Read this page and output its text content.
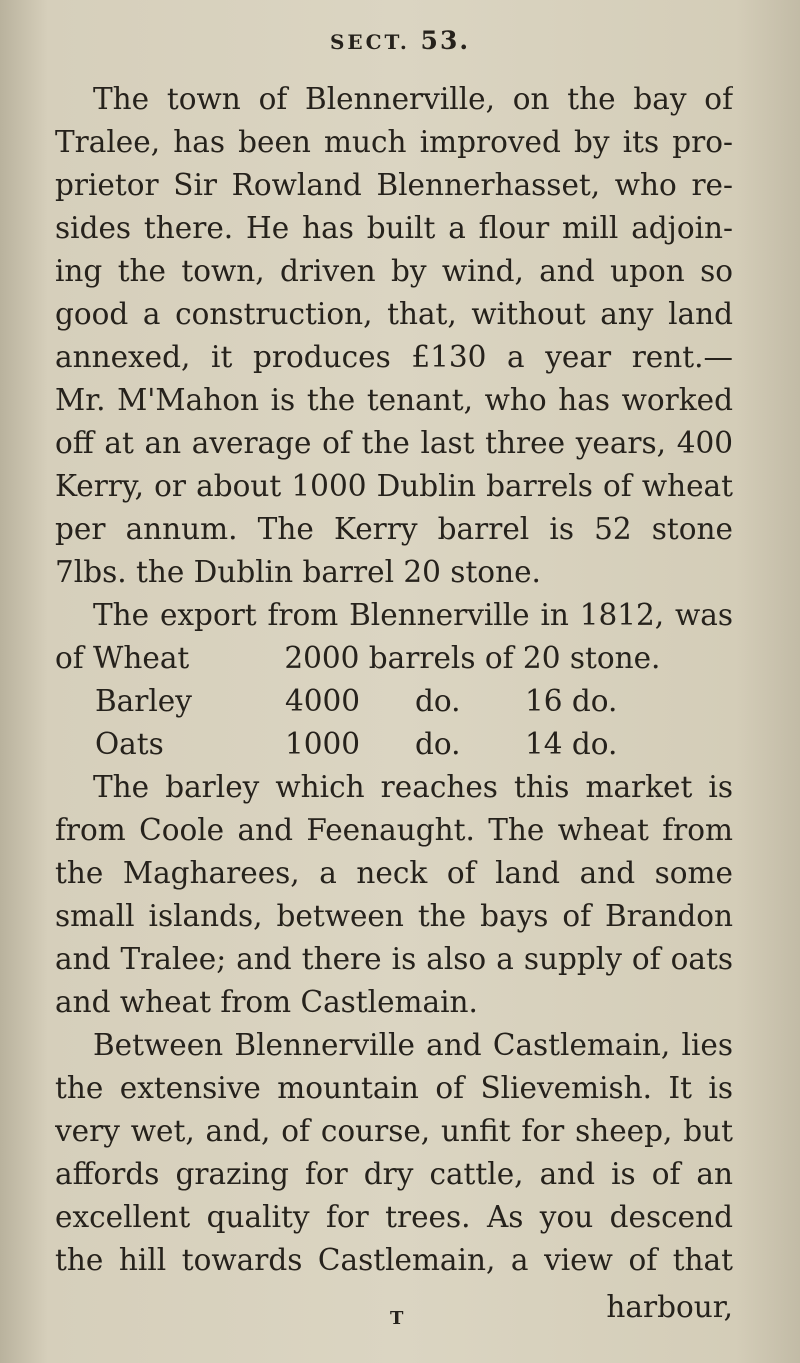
SECT. 53.
The town of Blennerville, on the bay of
Tralee, has been much improved by its pro-
prietor Sir Rowland Blennerhasset, who re-
sides there. He has built a flour mill adjoin-
ing the town, driven by wind, and upon so
good a construction, that, without any land
annexed, it produces £130 a year rent.—
Mr. M'Mahon is the tenant, who has worked
off at an average of the last three years, 400
Kerry, or about 1000 Dublin barrels of wheat
per annum. The Kerry barrel is 52 stone
7lbs. the Dublin barrel 20 stone.
The export from Blennerville in 1812, was
of Wheat	2000 barrels of 20 stone.
Barley	4000	do.	16 do.
Oats	1000	do.	14 do.
The barley which reaches this market is
from Coole and Feenaught. The wheat from
the Magharees, a neck of land and some
small islands, between the bays of Brandon
and Tralee; and there is also a supply of oats
and wheat from Castlemain.
Between Blennerville and Castlemain, lies
the extensive mountain of Slievemish. It is
very wet, and, of course, unfit for sheep, but
affords grazing for dry cattle, and is of an
excellent quality for trees. As you descend
the hill towards Castlemain, a view of that
T	harbour,
